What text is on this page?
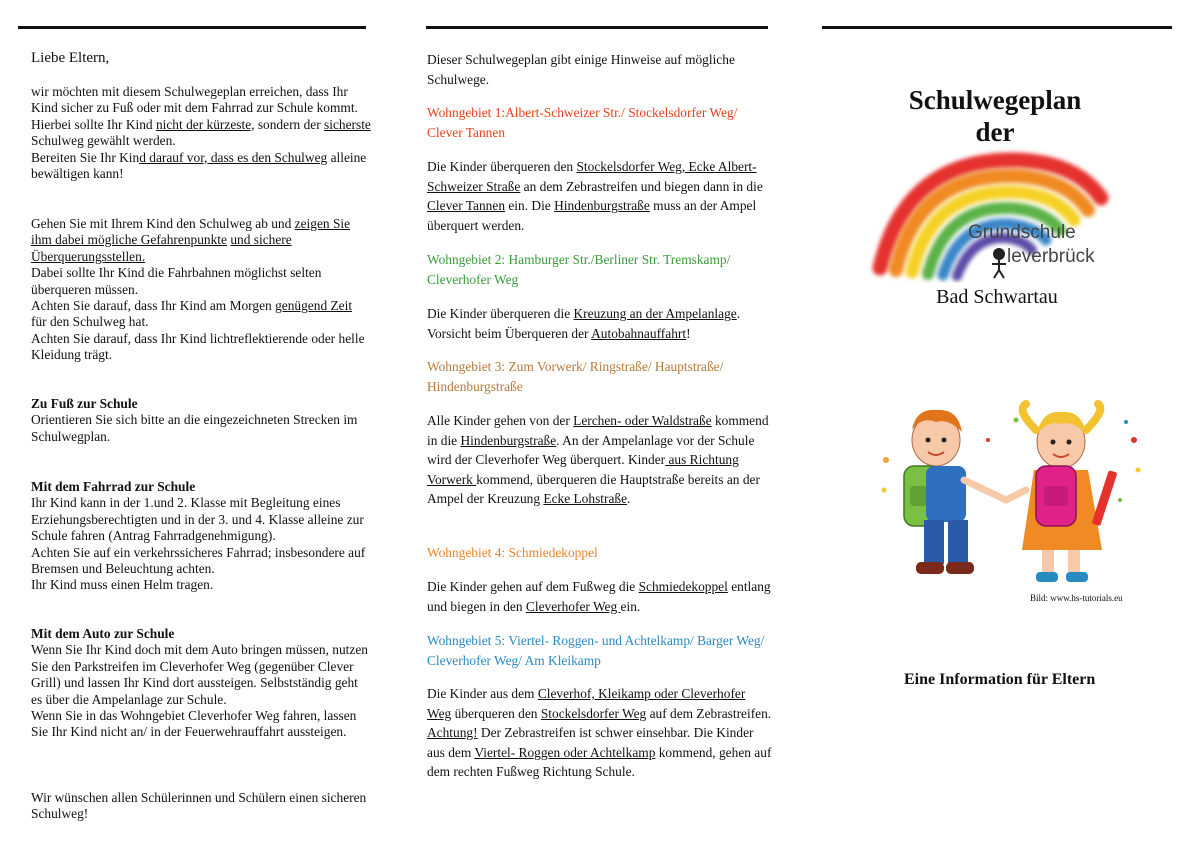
Liebe Eltern,

wir möchten mit diesem Schulwegeplan erreichen, dass Ihr Kind sicher zu Fuß oder mit dem Fahrrad zur Schule kommt.

Hierbei sollte Ihr Kind nicht der kürzeste, sondern der sicherste Schulweg gewählt werden.

Bereiten Sie Ihr Kind darauf vor, dass es den Schulweg alleine bewältigen kann!

Gehen Sie mit Ihrem Kind den Schulweg ab und zeigen Sie ihm dabei mögliche Gefahrenpunkte und sichere Überquerungsstellen.

Dabei sollte Ihr Kind die Fahrbahnen möglichst selten überqueren müssen.

Achten Sie darauf, dass Ihr Kind am Morgen genügend Zeit für den Schulweg hat.

Achten Sie darauf, dass Ihr Kind lichtreflektierende oder helle Kleidung trägt.

Zu Fuß zur Schule

Orientieren Sie sich bitte an die eingezeichneten Strecken im Schulwegplan.

Mit dem Fahrrad zur Schule

Ihr Kind kann in der 1.und 2. Klasse mit Begleitung eines Erziehungsberechtigten und in der 3. und 4. Klasse alleine zur Schule fahren (Antrag Fahrradgenehmigung).

Achten Sie auf ein verkehrssicheres Fahrrad; insbesondere auf Bremsen und Beleuchtung achten.

Ihr Kind muss einen Helm tragen.

Mit dem Auto zur Schule

Wenn Sie Ihr Kind doch mit dem Auto bringen müssen, nutzen Sie den Parkstreifen im Cleverhofer Weg (gegenüber Clever Grill) und lassen Ihr Kind dort aussteigen. Selbstständig geht es über die Ampelanlage zur Schule.

Wenn Sie in das Wohngebiet Cleverhofer Weg fahren, lassen Sie Ihr Kind nicht an/ in der Feuerwehrauffahrt aussteigen.

Wir wünschen allen Schülerinnen und Schülern einen sicheren Schulweg!

Dieser Schulwegeplan gibt einige Hinweise auf mögliche Schulwege.

Wohngebiet 1:Albert-Schweizer Str./ Stockelsdorfer Weg/ Clever Tannen

Die Kinder überqueren den Stockelsdorfer Weg, Ecke Albert- Schweizer Straße an dem Zebrastreifen und biegen dann in die Clever Tannen ein. Die Hindenburgstraße muss an der Ampel überquert werden.

Wohngebiet 2: Hamburger Str./Berliner Str. Tremskamp/ Cleverhofer Weg

Die Kinder überqueren die Kreuzung an der Ampelanlage. Vorsicht beim Überqueren der Autobahnauffahrt!

Wohngebiet 3: Zum Vorwerk/ Ringstraße/ Hauptstraße/ Hindenburgstraße

Alle Kinder gehen von der Lerchen- oder Waldstraße kommend in die Hindenburgstraße. An der Ampelanlage vor der Schule wird der Cleverhofer Weg überquert. Kinder aus Richtung Vorwerk kommend, überqueren die Hauptstraße bereits an der Ampel der Kreuzung Ecke Lohstraße.

Wohngebiet 4: Schmiedekoppel

Die Kinder gehen auf dem Fußweg die Schmiedekoppel entlang und biegen in den Cleverhofer Weg ein.

Wohngebiet 5: Viertel- Roggen- und Achtelkamp/ Barger Weg/ Cleverhofer Weg/ Am Kleikamp

Die Kinder aus dem Cleverhof, Kleikamp oder Cleverhofer Weg überqueren den Stockelsdorfer Weg auf dem Zebrastreifen. Achtung! Der Zebrastreifen ist schwer einsehbar. Die Kinder aus dem Viertel- Roggen oder Achtelkamp kommend, gehen auf dem rechten Fußweg Richtung Schule.

Schulwegeplan
der
Grundschule
leverbrück
Bad Schwartau
Bild: www.hs-tutorials.eu
Eine Information für Eltern
